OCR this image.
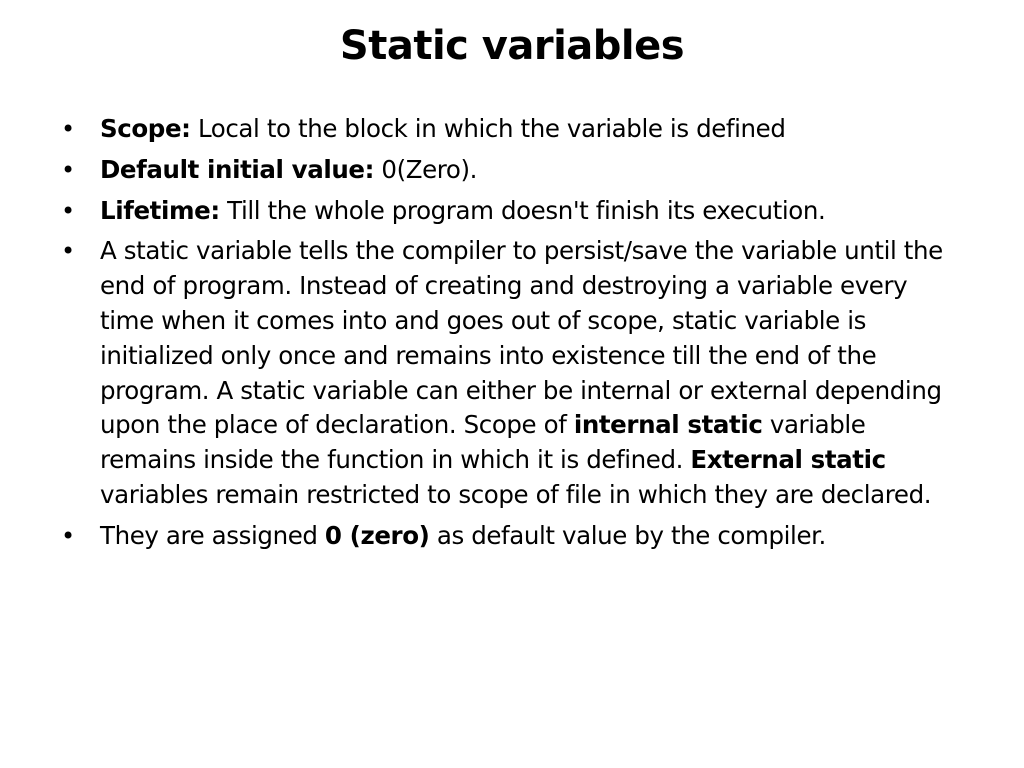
Static variables
• Scope: Local to the block in which the variable is defined
• Default initial value: 0(Zero).
• Lifetime: Till the whole program doesn't finish its execution.
• A static variable tells the compiler to persist/save the variable until the end of program. Instead of creating and destroying a variable every time when it comes into and goes out of scope, static variable is initialized only once and remains into existence till the end of the program. A static variable can either be internal or external depending upon the place of declaration. Scope of internal static variable remains inside the function in which it is defined. External static variables remain restricted to scope of file in which they are declared.
• They are assigned 0 (zero) as default value by the compiler.
